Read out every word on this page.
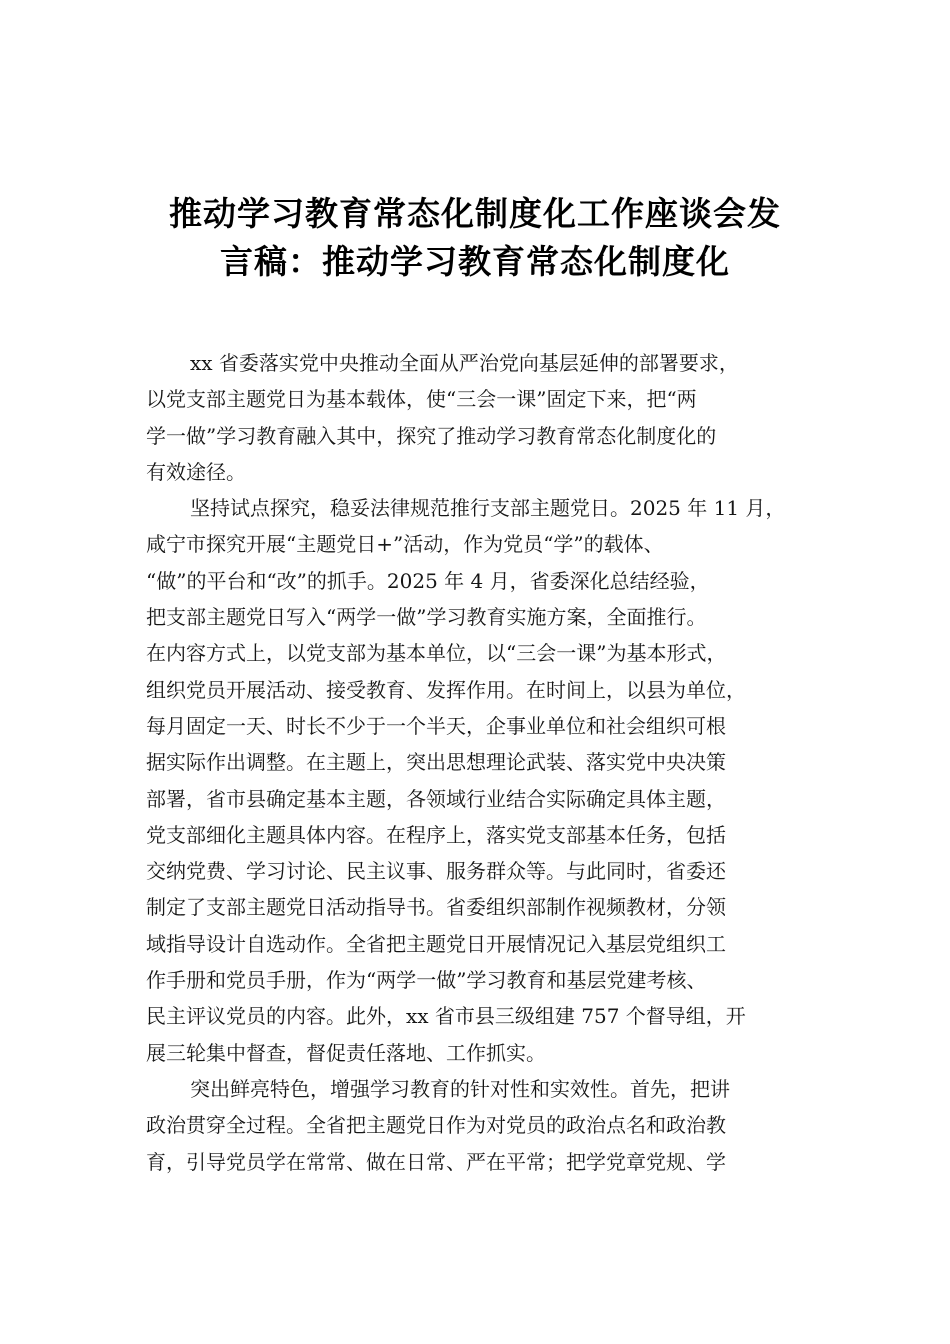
推动学习教育常态化制度化工作座谈会发
言稿：推动学习教育常态化制度化
xx 省委落实党中央推动全面从严治党向基层延伸的部署要求，
以党支部主题党日为基本载体，使“三会一课”固定下来，把“两
学一做”学习教育融入其中，探究了推动学习教育常态化制度化的
有效途径。
坚持试点探究，稳妥法律规范推行支部主题党日。2025 年 11 月，
咸宁市探究开展“主题党日+”活动，作为党员“学”的载体、
“做”的平台和“改”的抓手。2025 年 4 月，省委深化总结经验，
把支部主题党日写入“两学一做”学习教育实施方案，全面推行。
在内容方式上，以党支部为基本单位，以“三会一课”为基本形式，
组织党员开展活动、接受教育、发挥作用。在时间上，以县为单位，
每月固定一天、时长不少于一个半天，企事业单位和社会组织可根
据实际作出调整。在主题上，突出思想理论武装、落实党中央决策
部署，省市县确定基本主题，各领域行业结合实际确定具体主题，
党支部细化主题具体内容。在程序上，落实党支部基本任务，包括
交纳党费、学习讨论、民主议事、服务群众等。与此同时，省委还
制定了支部主题党日活动指导书。省委组织部制作视频教材，分领
域指导设计自选动作。全省把主题党日开展情况记入基层党组织工
作手册和党员手册，作为“两学一做”学习教育和基层党建考核、
民主评议党员的内容。此外，xx 省市县三级组建 757 个督导组，开
展三轮集中督查，督促责任落地、工作抓实。
突出鲜亮特色，增强学习教育的针对性和实效性。首先，把讲
政治贯穿全过程。全省把主题党日作为对党员的政治点名和政治教
育，引导党员学在常常、做在日常、严在平常；把学党章党规、学
